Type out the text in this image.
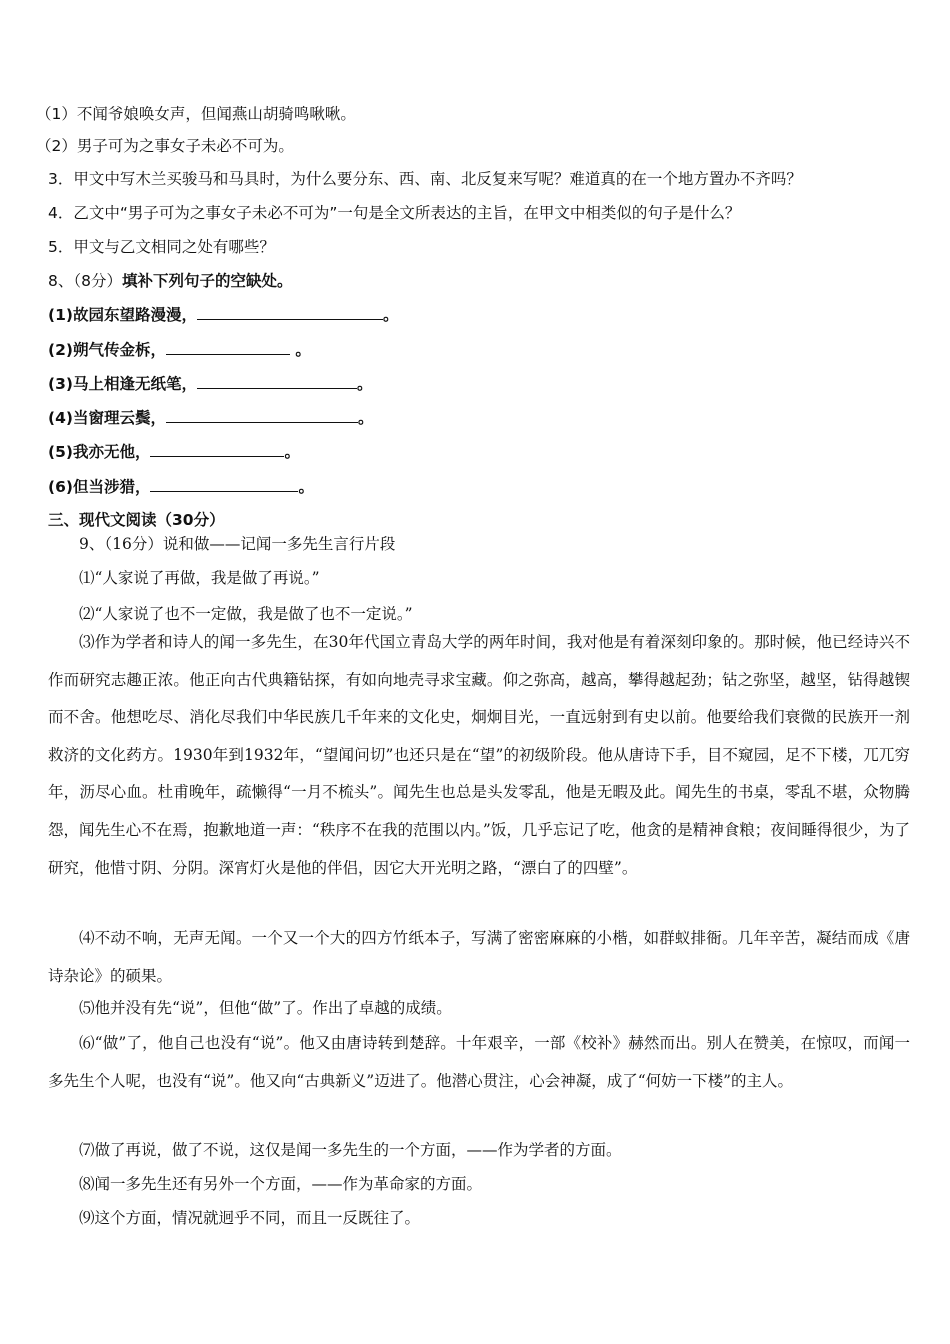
（1）不闻爷娘唤女声，但闻燕山胡骑鸣啾啾。
（2）男子可为之事女子未必不可为。
3．甲文中写木兰买骏马和马具时，为什么要分东、西、南、北反复来写呢？难道真的在一个地方置办不齐吗？
4．乙文中“男子可为之事女子未必不可为”一句是全文所表达的主旨，在甲文中相类似的句子是什么？
5．甲文与乙文相同之处有哪些？
8、（8分）填补下列句子的空缺处。
(1)故园东望路漫漫，	。
(2)朔气传金柝，	。
(3)马上相逢无纸笔，	。
(4)当窗理云鬓，	。
(5)我亦无他，	。
(6)但当涉猎，	。
三、现代文阅读（30分）
9、（16分）说和做——记闻一多先生言行片段
⑴“人家说了再做，我是做了再说。”
⑵“人家说了也不一定做，我是做了也不一定说。”
⑶作为学者和诗人的闻一多先生，在30年代国立青岛大学的两年时间，我对他是有着深刻印象的。那时候，他已经诗兴不作而研究志趣正浓。他正向古代典籍钻探，有如向地壳寻求宝藏。仰之弥高，越高，攀得越起劲；钻之弥坚，越坚，钻得越锲而不舍。他想吃尽、消化尽我们中华民族几千年来的文化史，炯炯目光，一直远射到有史以前。他要给我们衰微的民族开一剂救济的文化药方。1930年到1932年，“望闻问切”也还只是在“望”的初级阶段。他从唐诗下手，目不窥园，足不下楼，兀兀穷年，沥尽心血。杜甫晚年，疏懒得“一月不梳头”。闻先生也总是头发零乱，他是无暇及此。闻先生的书桌，零乱不堪，众物腾怨，闻先生心不在焉，抱歉地道一声：“秩序不在我的范围以内。”饭，几乎忘记了吃，他贪的是精神食粮；夜间睡得很少，为了研究，他惜寸阴、分阴。深宵灯火是他的伴侣，因它大开光明之路，“漂白了的四壁”。
⑷不动不响，无声无闻。一个又一个大的四方竹纸本子，写满了密密麻麻的小楷，如群蚁排衙。几年辛苦，凝结而成《唐诗杂论》的硕果。
⑸他并没有先“说”，但他“做”了。作出了卓越的成绩。
⑹“做”了，他自己也没有“说”。他又由唐诗转到楚辞。十年艰辛，一部《校补》赫然而出。别人在赞美，在惊叹，而闻一多先生个人呢，也没有“说”。他又向“古典新义”迈进了。他潜心贯注，心会神凝，成了“何妨一下楼”的主人。
⑺做了再说，做了不说，这仅是闻一多先生的一个方面，——作为学者的方面。
⑻闻一多先生还有另外一个方面，——作为革命家的方面。
⑼这个方面，情况就迥乎不同，而且一反既往了。
